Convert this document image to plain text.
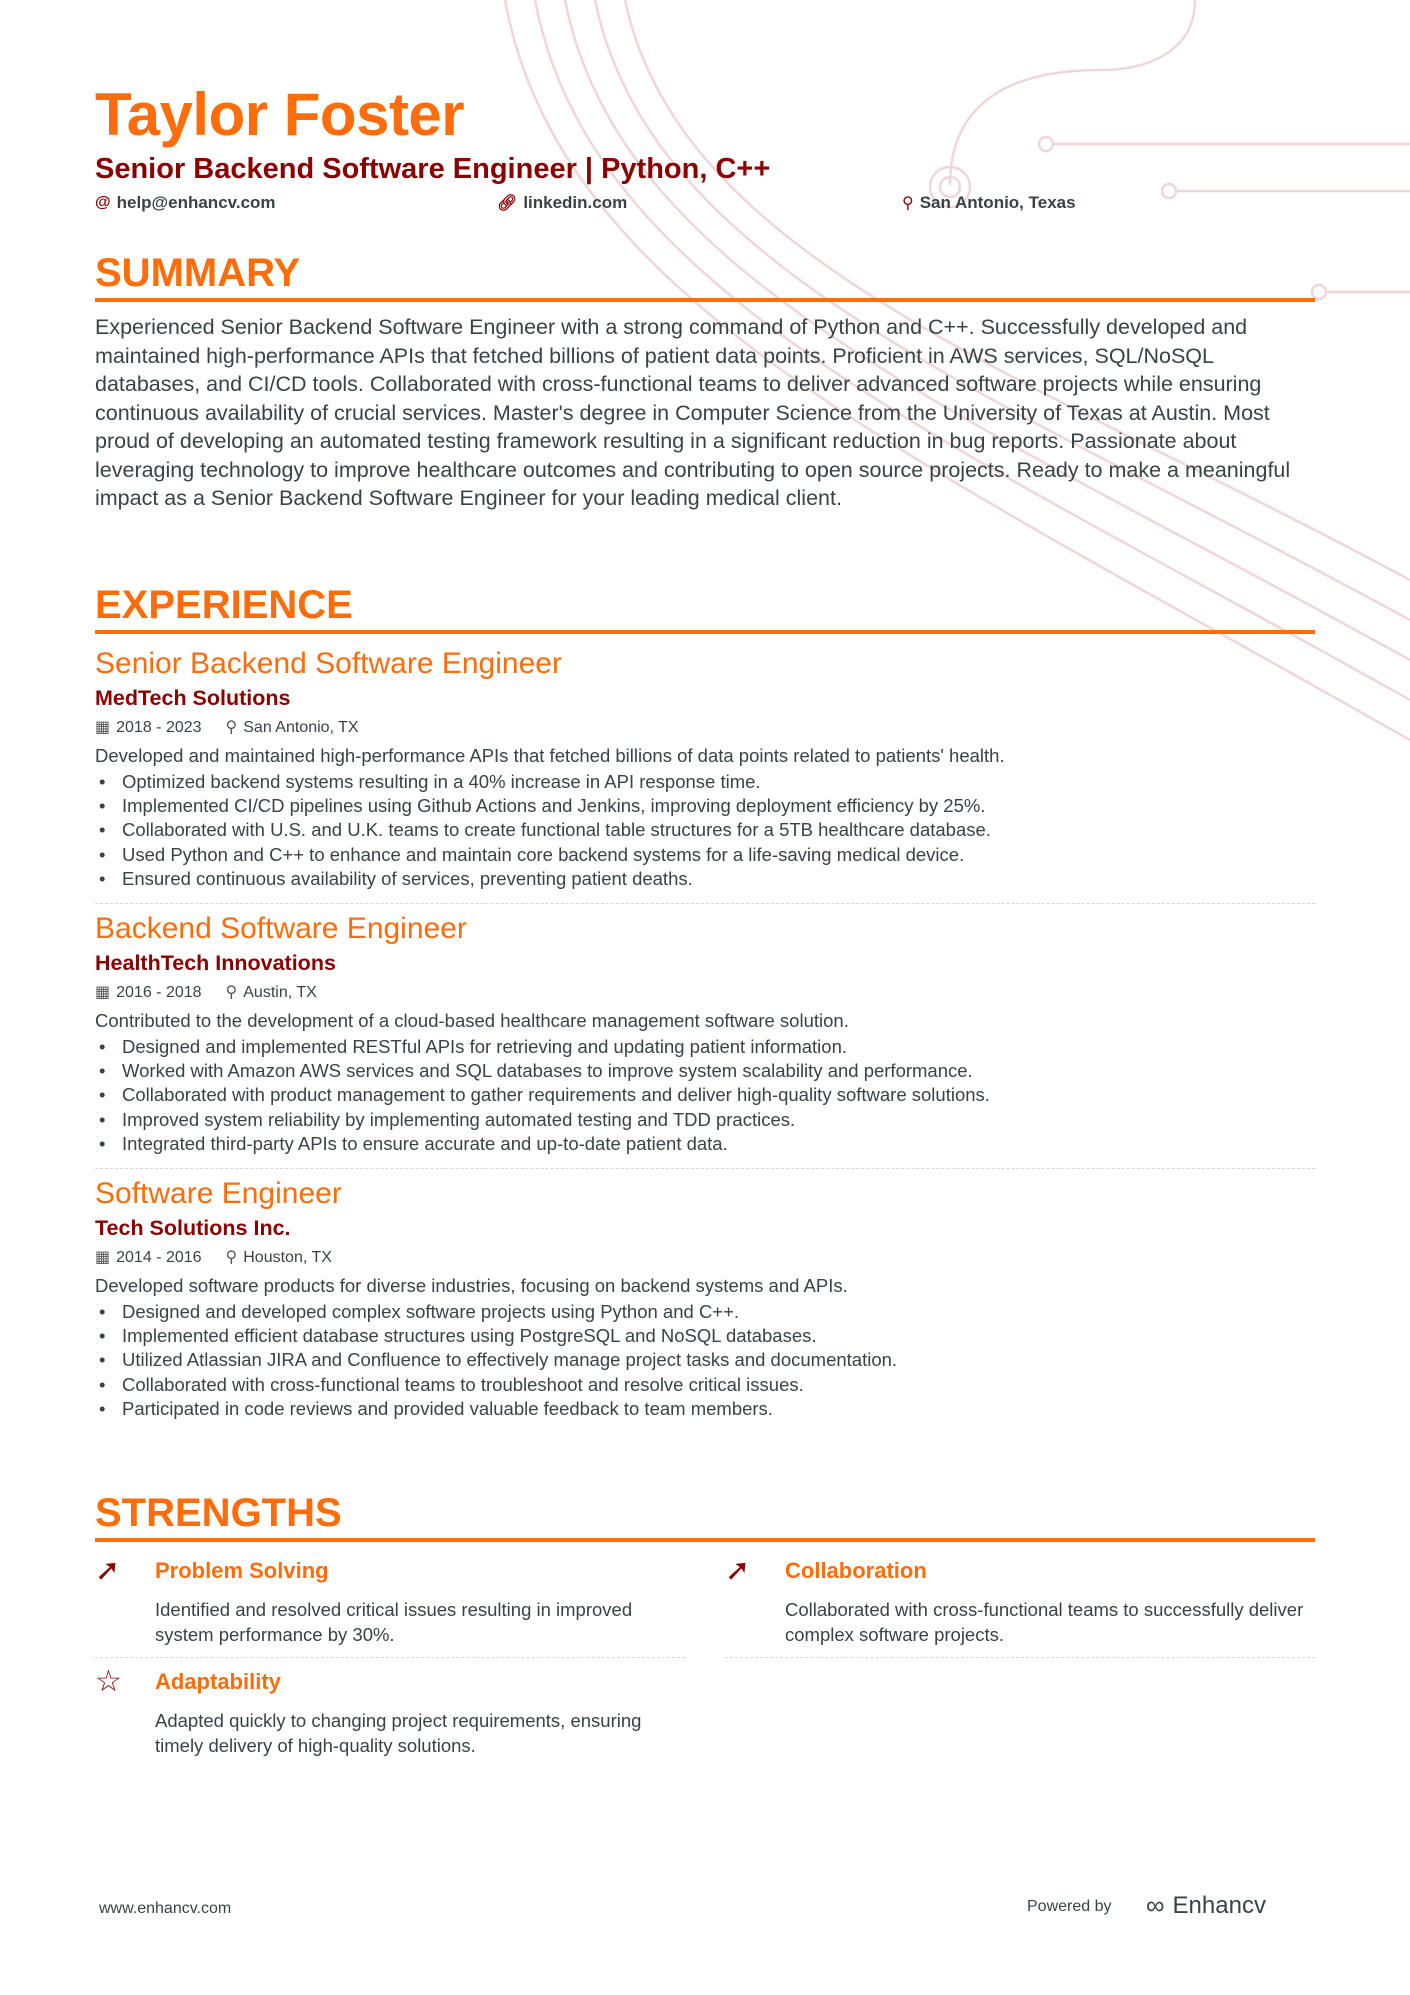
Taylor Foster
Senior Backend Software Engineer | Python, C++
@ help@enhancv.com	🔗︎ linkedin.com	⚲ San Antonio, Texas
SUMMARY
Experienced Senior Backend Software Engineer with a strong command of Python and C++. Successfully developed and maintained high-performance APIs that fetched billions of patient data points. Proficient in AWS services, SQL/NoSQL databases, and CI/CD tools. Collaborated with cross-functional teams to deliver advanced software projects while ensuring continuous availability of crucial services. Master's degree in Computer Science from the University of Texas at Austin. Most proud of developing an automated testing framework resulting in a significant reduction in bug reports. Passionate about leveraging technology to improve healthcare outcomes and contributing to open source projects. Ready to make a meaningful impact as a Senior Backend Software Engineer for your leading medical client.
EXPERIENCE
Senior Backend Software Engineer
MedTech Solutions
▦ 2018 - 2023 ⚲ San Antonio, TX
Developed and maintained high-performance APIs that fetched billions of data points related to patients' health.
• Optimized backend systems resulting in a 40% increase in API response time.
• Implemented CI/CD pipelines using Github Actions and Jenkins, improving deployment efficiency by 25%.
• Collaborated with U.S. and U.K. teams to create functional table structures for a 5TB healthcare database.
• Used Python and C++ to enhance and maintain core backend systems for a life-saving medical device.
• Ensured continuous availability of services, preventing patient deaths.
Backend Software Engineer
HealthTech Innovations
▦ 2016 - 2018 ⚲ Austin, TX
Contributed to the development of a cloud-based healthcare management software solution.
• Designed and implemented RESTful APIs for retrieving and updating patient information.
• Worked with Amazon AWS services and SQL databases to improve system scalability and performance.
• Collaborated with product management to gather requirements and deliver high-quality software solutions.
• Improved system reliability by implementing automated testing and TDD practices.
• Integrated third-party APIs to ensure accurate and up-to-date patient data.
Software Engineer
Tech Solutions Inc.
▦ 2014 - 2016 ⚲ Houston, TX
Developed software products for diverse industries, focusing on backend systems and APIs.
• Designed and developed complex software projects using Python and C++.
• Implemented efficient database structures using PostgreSQL and NoSQL databases.
• Utilized Atlassian JIRA and Confluence to effectively manage project tasks and documentation.
• Collaborated with cross-functional teams to troubleshoot and resolve critical issues.
• Participated in code reviews and provided valuable feedback to team members.
STRENGTHS
➚	Problem Solving
Identified and resolved critical issues resulting in improved system performance by 30%.
➚	Collaboration
Collaborated with cross-functional teams to successfully deliver complex software projects.
☆	Adaptability
Adapted quickly to changing project requirements, ensuring timely delivery of high-quality solutions.
www.enhancv.com	Powered by ∞ Enhancv
